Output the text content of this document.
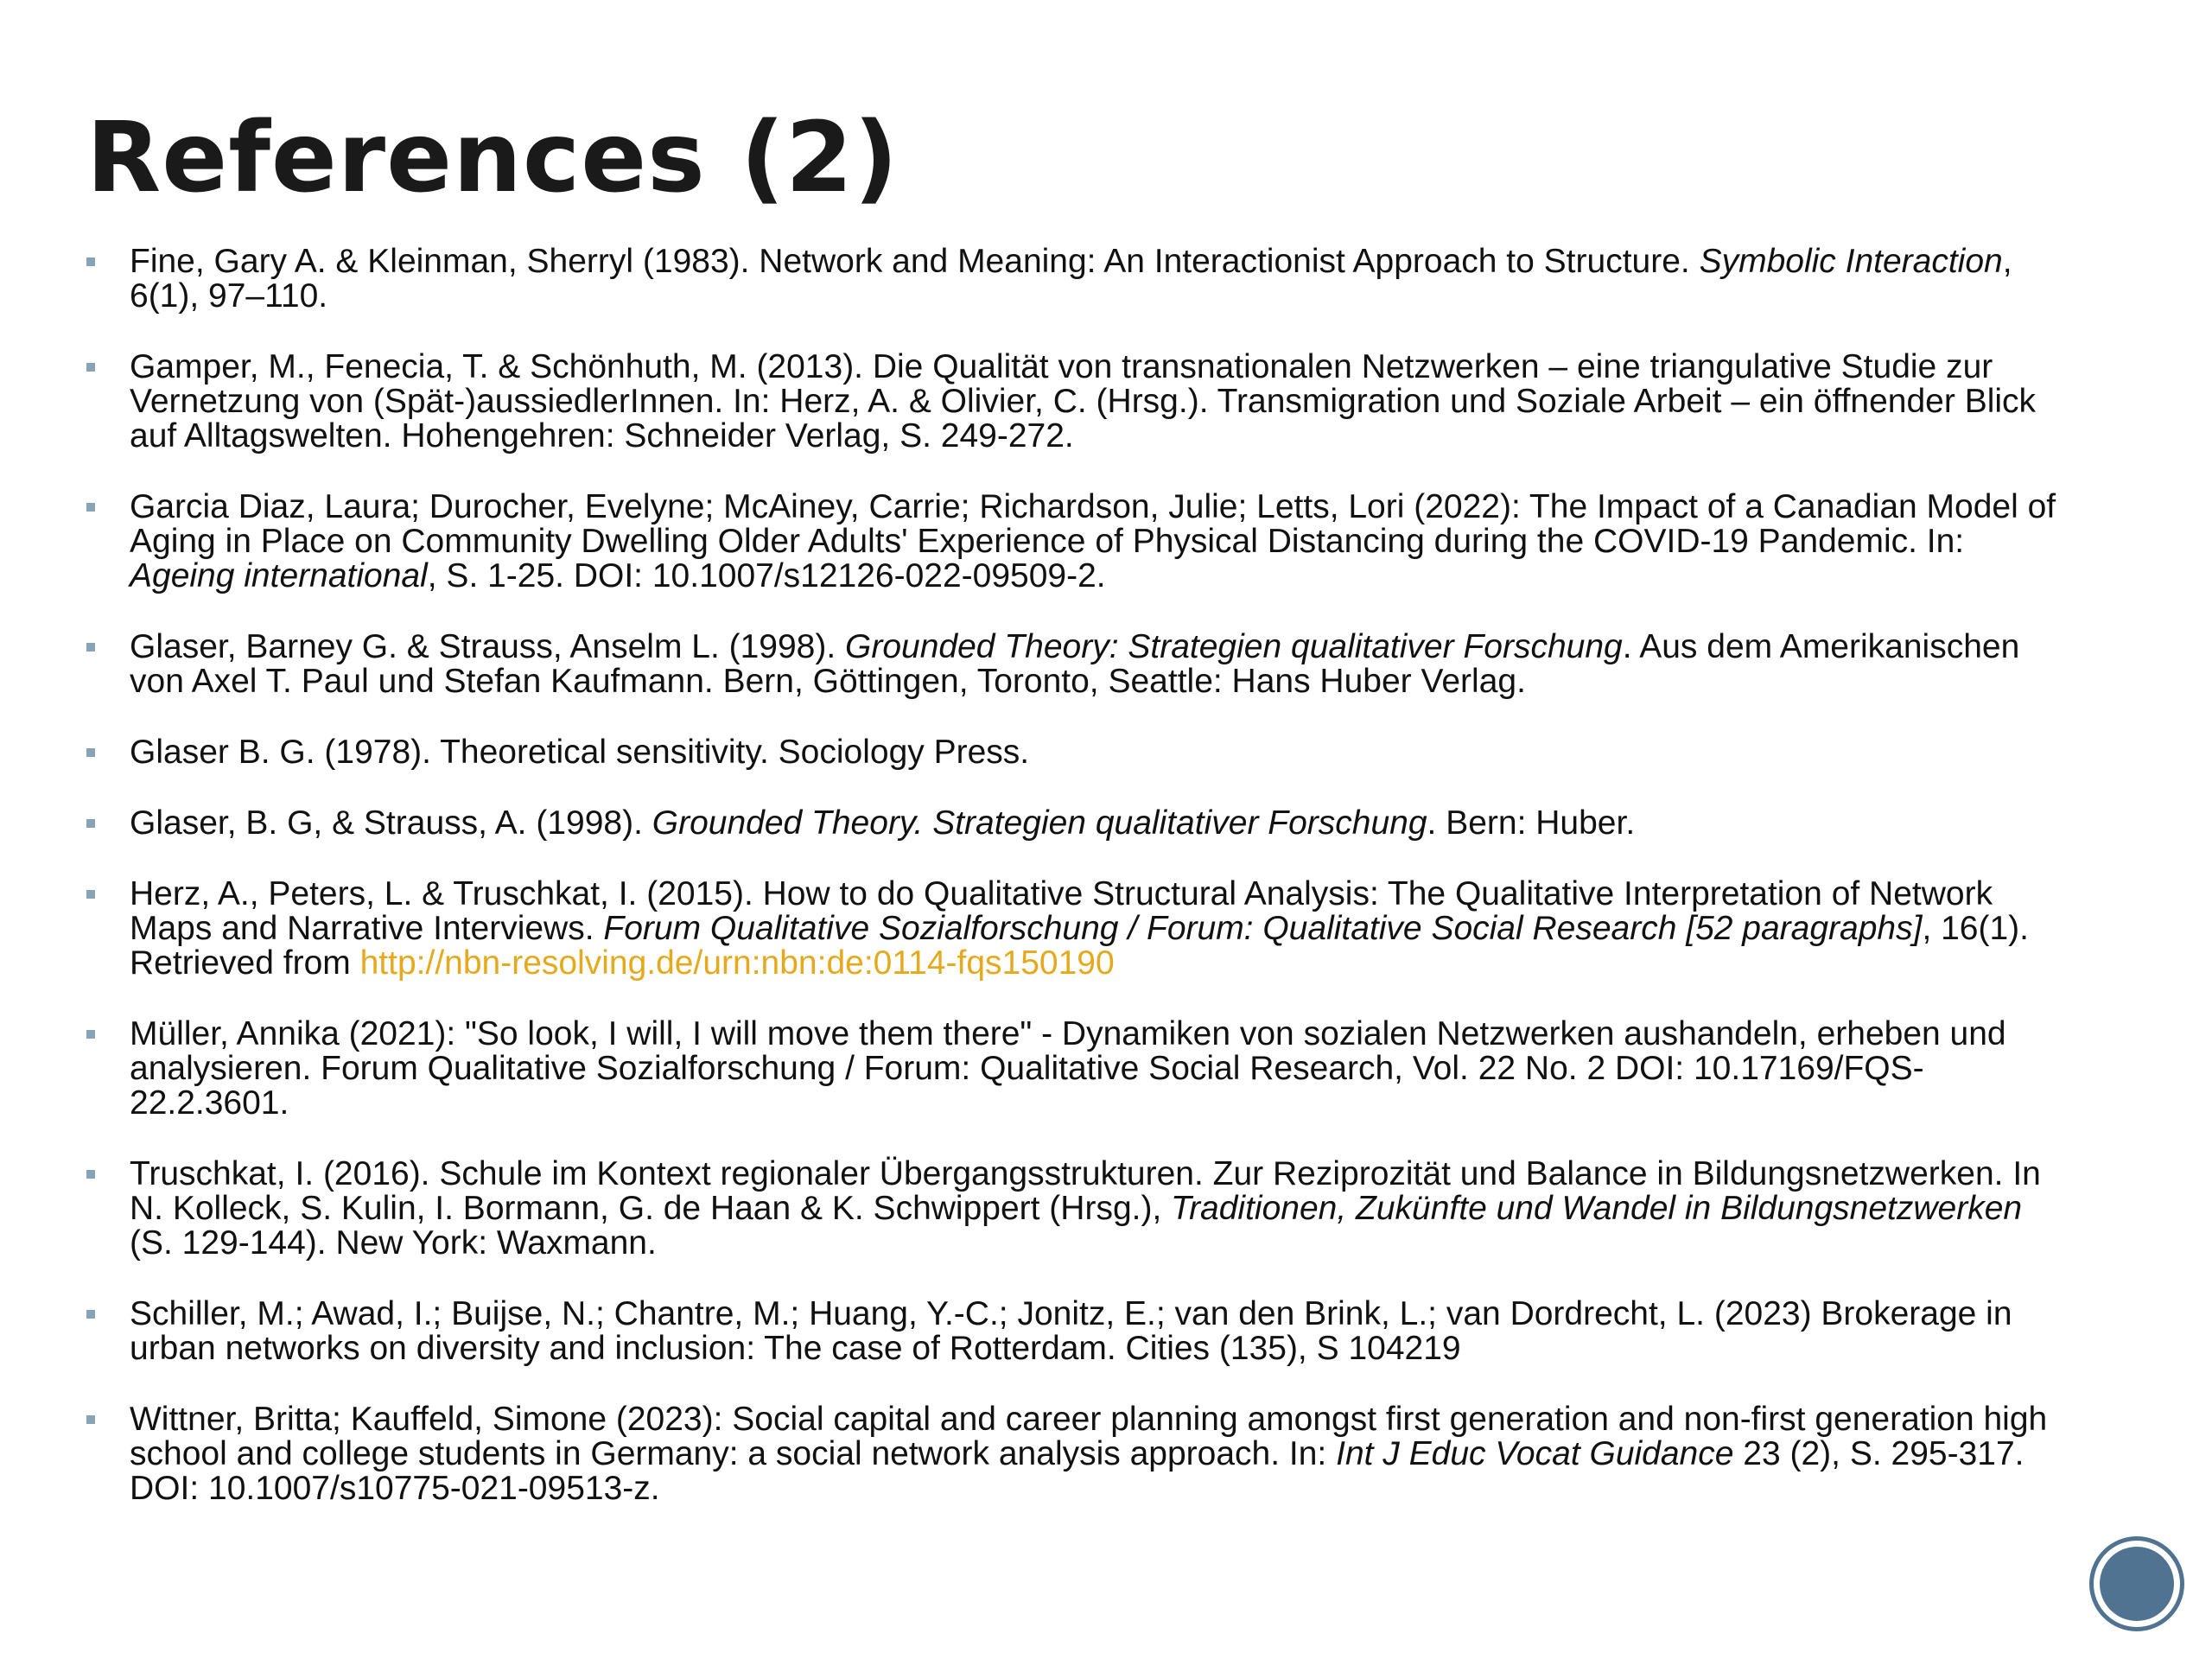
References (2)
Fine, Gary A. & Kleinman, Sherryl (1983). Network and Meaning: An Interactionist Approach to Structure. Symbolic Interaction, 6(1), 97–110.
Gamper, M., Fenecia, T. & Schönhuth, M. (2013). Die Qualität von transnationalen Netzwerken – eine triangulative Studie zur Vernetzung von (Spät-)aussiedlerInnen. In: Herz, A. & Olivier, C. (Hrsg.). Transmigration und Soziale Arbeit – ein öffnender Blick auf Alltagswelten. Hohengehren: Schneider Verlag, S. 249-272.
Garcia Diaz, Laura; Durocher, Evelyne; McAiney, Carrie; Richardson, Julie; Letts, Lori (2022): The Impact of a Canadian Model of Aging in Place on Community Dwelling Older Adults' Experience of Physical Distancing during the COVID-19 Pandemic. In: Ageing international, S. 1-25. DOI: 10.1007/s12126-022-09509-2.
Glaser, Barney G. & Strauss, Anselm L. (1998). Grounded Theory: Strategien qualitativer Forschung. Aus dem Amerikanischen von Axel T. Paul und Stefan Kaufmann. Bern, Göttingen, Toronto, Seattle: Hans Huber Verlag.
Glaser B. G. (1978). Theoretical sensitivity. Sociology Press.
Glaser, B. G, & Strauss, A. (1998). Grounded Theory. Strategien qualitativer Forschung. Bern: Huber.
Herz, A., Peters, L. & Truschkat, I. (2015). How to do Qualitative Structural Analysis: The Qualitative Interpretation of Network Maps and Narrative Interviews. Forum Qualitative Sozialforschung / Forum: Qualitative Social Research [52 paragraphs], 16(1). Retrieved from http://nbn-resolving.de/urn:nbn:de:0114-fqs150190
Müller, Annika (2021): "So look, I will, I will move them there" - Dynamiken von sozialen Netzwerken aushandeln, erheben und analysieren. Forum Qualitative Sozialforschung / Forum: Qualitative Social Research, Vol. 22 No. 2 DOI: 10.17169/FQS-22.2.3601.
Truschkat, I. (2016). Schule im Kontext regionaler Übergangsstrukturen. Zur Reziprozität und Balance in Bildungsnetzwerken. In N. Kolleck, S. Kulin, I. Bormann, G. de Haan & K. Schwippert (Hrsg.), Traditionen, Zukünfte und Wandel in Bildungsnetzwerken (S. 129-144). New York: Waxmann.
Schiller, M.; Awad, I.; Buijse, N.; Chantre, M.; Huang, Y.-C.; Jonitz, E.; van den Brink, L.; van Dordrecht, L. (2023) Brokerage in urban networks on diversity and inclusion: The case of Rotterdam. Cities (135), S 104219
Wittner, Britta; Kauffeld, Simone (2023): Social capital and career planning amongst first generation and non-first generation high school and college students in Germany: a social network analysis approach. In: Int J Educ Vocat Guidance 23 (2), S. 295-317. DOI: 10.1007/s10775-021-09513-z.
